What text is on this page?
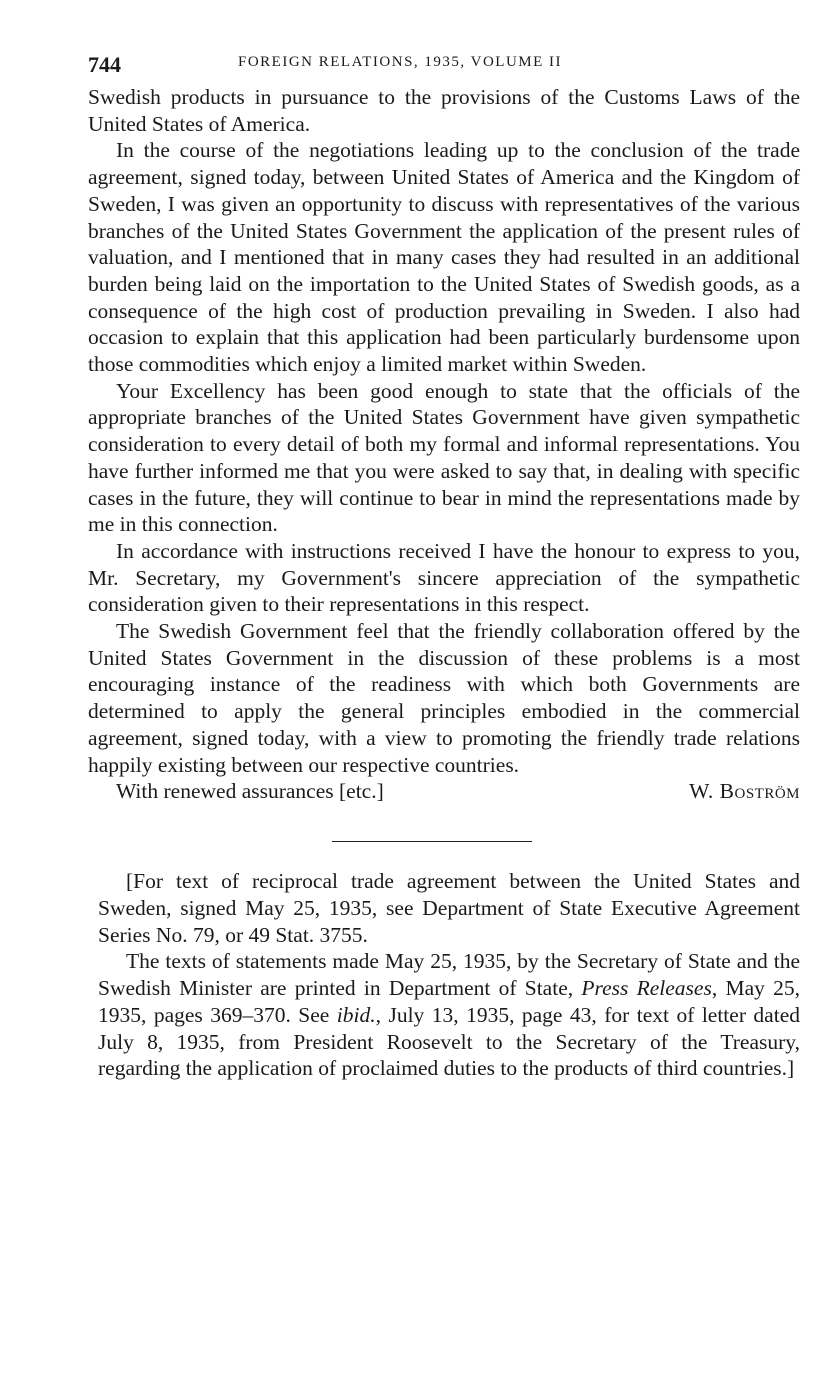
744	FOREIGN RELATIONS, 1935, VOLUME II

Swedish products in pursuance to the provisions of the Customs Laws of the United States of America.

In the course of the negotiations leading up to the conclusion of the trade agreement, signed today, between United States of America and the Kingdom of Sweden, I was given an opportunity to discuss with representatives of the various branches of the United States Government the application of the present rules of valuation, and I mentioned that in many cases they had resulted in an additional burden being laid on the importation to the United States of Swedish goods, as a consequence of the high cost of production prevailing in Sweden. I also had occasion to explain that this application had been particularly burdensome upon those commodities which enjoy a limited market within Sweden.

Your Excellency has been good enough to state that the officials of the appropriate branches of the United States Government have given sympathetic consideration to every detail of both my formal and informal representations. You have further informed me that you were asked to say that, in dealing with specific cases in the future, they will continue to bear in mind the representations made by me in this connection.

In accordance with instructions received I have the honour to express to you, Mr. Secretary, my Government's sincere appreciation of the sympathetic consideration given to their representations in this respect.

The Swedish Government feel that the friendly collaboration offered by the United States Government in the discussion of these problems is a most encouraging instance of the readiness with which both Governments are determined to apply the general principles embodied in the commercial agreement, signed today, with a view to promoting the friendly trade relations happily existing between our respective countries.

With renewed assurances [etc.]	W. Boström

[For text of reciprocal trade agreement between the United States and Sweden, signed May 25, 1935, see Department of State Executive Agreement Series No. 79, or 49 Stat. 3755.

The texts of statements made May 25, 1935, by the Secretary of State and the Swedish Minister are printed in Department of State, Press Releases, May 25, 1935, pages 369–370. See ibid., July 13, 1935, page 43, for text of letter dated July 8, 1935, from President Roosevelt to the Secretary of the Treasury, regarding the application of proclaimed duties to the products of third countries.]
